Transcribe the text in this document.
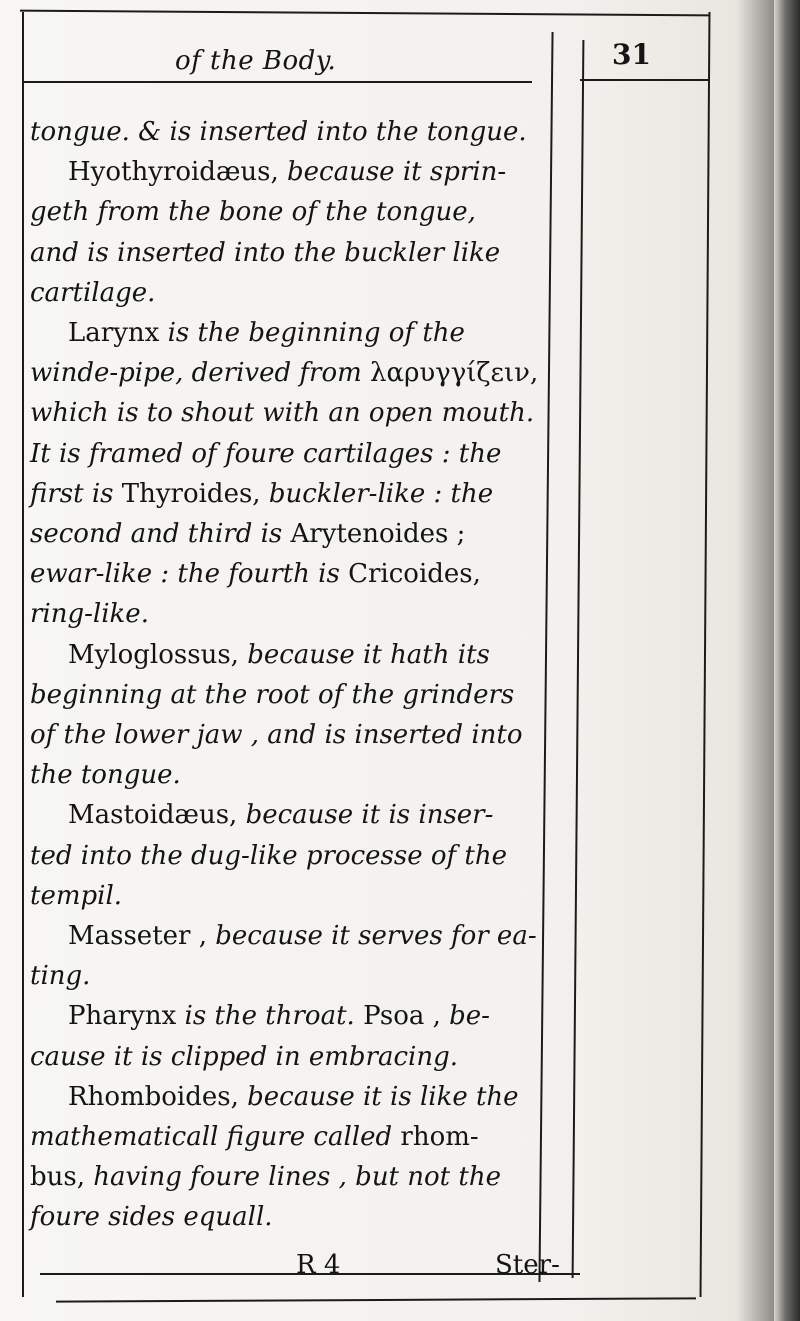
of the Body.	31

tongue. & is inserted into the tongue.

Hyothyroidæus, because it sprin-

geth from the bone of the tongue,

and is inserted into the buckler like

cartilage.

Larynx is the beginning of the

winde-pipe, derived from λαρυγγίζειν,

which is to shout with an open mouth.

It is framed of foure cartilages : the

first is Thyroides, buckler-like : the

second and third is Arytenoides ;

ewar-like : the fourth is Cricoides,

ring-like.

Myloglossus, because it hath its

beginning at the root of the grinders

of the lower jaw , and is inserted into

the tongue.

Mastoidæus, because it is inser-

ted into the dug-like processe of the

tempil.

Masseter , because it serves for ea-

ting.

Pharynx is the throat. Psoa , be-

cause it is clipped in embracing.

Rhomboides, because it is like the

mathematicall figure called rhom-

bus, having foure lines , but not the

foure sides equall.

R 4	Ster-
